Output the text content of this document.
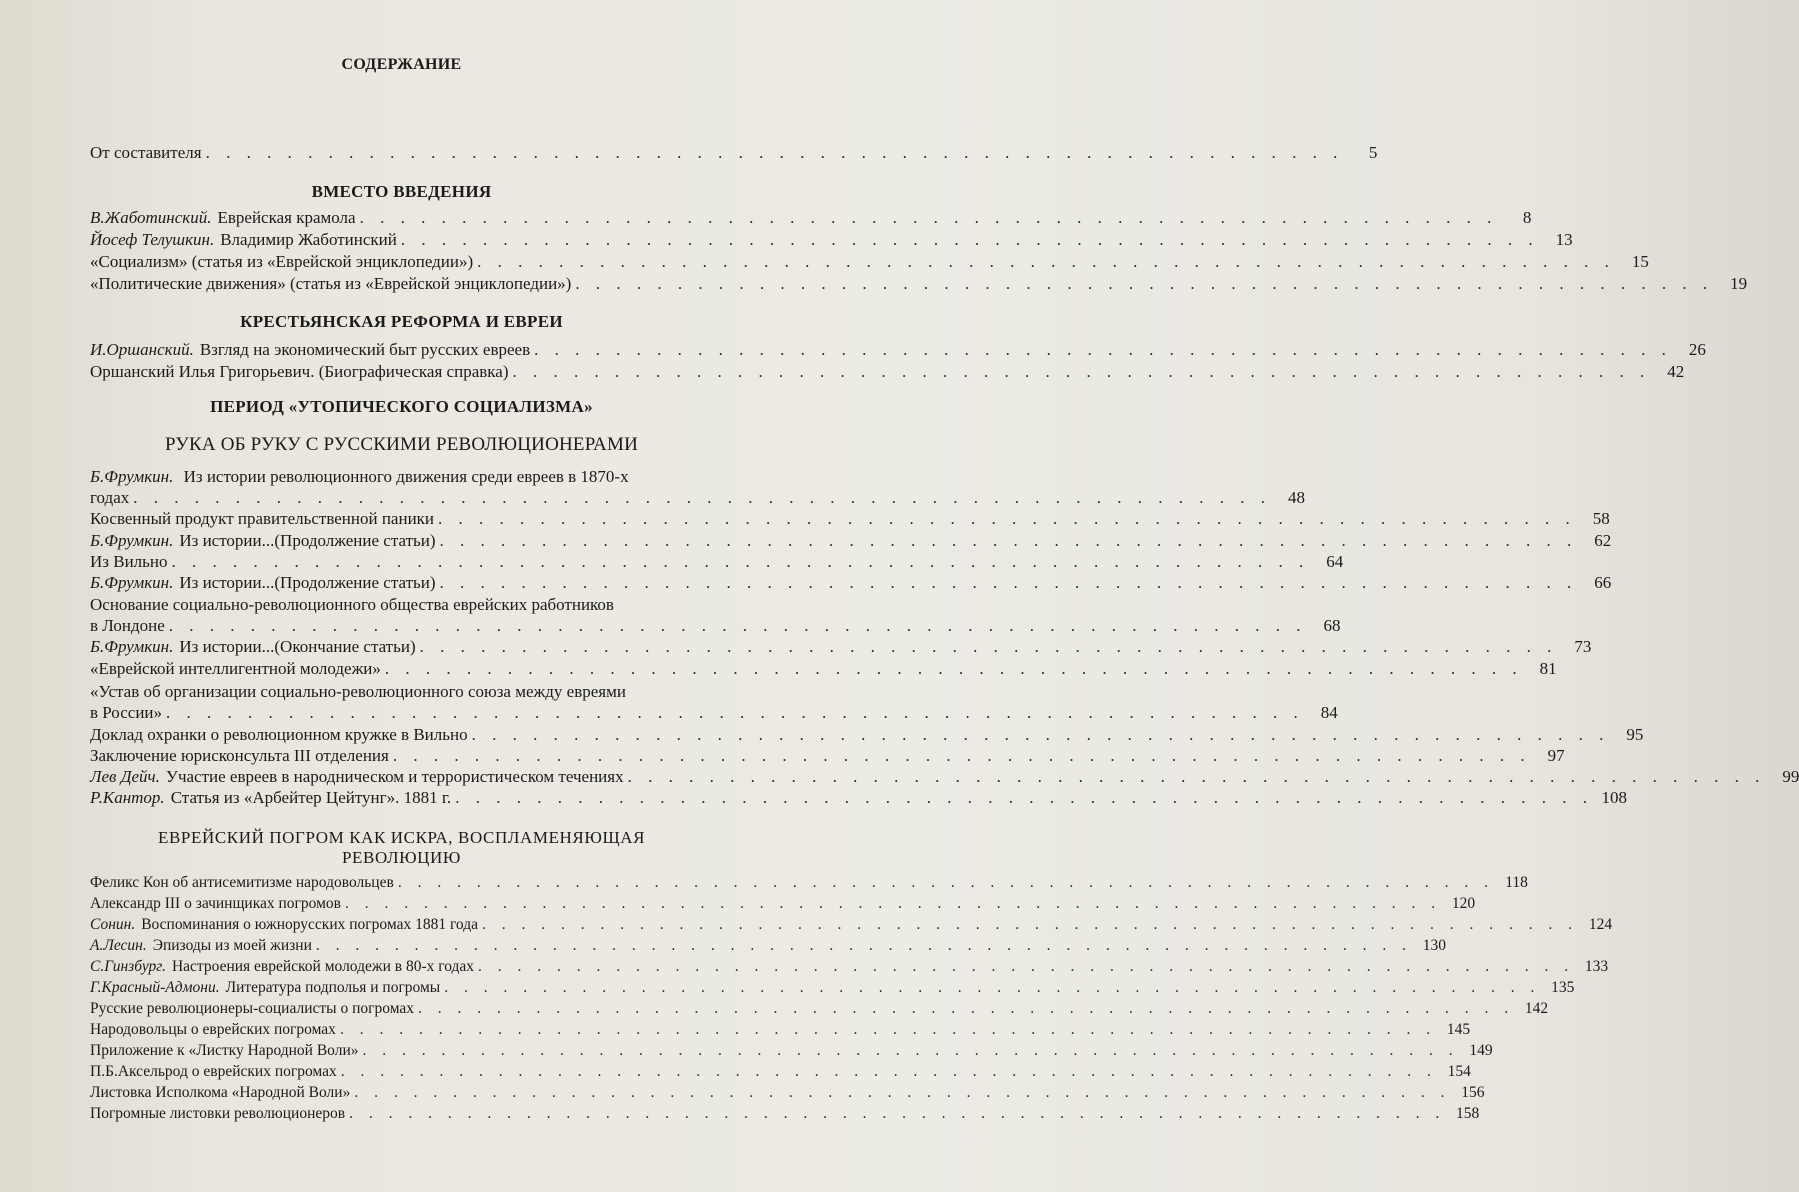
СОДЕРЖАНИЕ
От составителя . . . . . . . . . . . . . . . . . . . . . . . . . . . . . . . . . . . . . . . . . . . . . . . . . . . . . . . .	5
ВМЕСТО ВВЕДЕНИЯ
В.Жаботинский. Еврейская крамола . . . . . . . . . . . . . . . . . . . . . . . . . . . . . . . . . . . . . . . . . . . . . . . . . . . . . . . .	8
Йосеф Телушкин. Владимир Жаботинский . . . . . . . . . . . . . . . . . . . . . . . . . . . . . . . . . . . . . . . . . . . . . . . . . . . . . . . .	13
«Социализм» (статья из «Еврейской энциклопедии») . . . . . . . . . . . . . . . . . . . . . . . . . . . . . . . . . . . . . . . . . . . . . . . . . . . . . . . .	15
«Политические движения» (статья из «Еврейской энциклопедии») . . . . . . . . . . . . . . . . . . . . . . . . . . . . . . . . . . . . . . . . . . . . . . . . . . . . . . . .	19
КРЕСТЬЯНСКАЯ РЕФОРМА И ЕВРЕИ
И.Оршанский. Взгляд на экономический быт русских евреев . . . . . . . . . . . . . . . . . . . . . . . . . . . . . . . . . . . . . . . . . . . . . . . . . . . . . . . .	26
Оршанский Илья Григорьевич. (Биографическая справка) . . . . . . . . . . . . . . . . . . . . . . . . . . . . . . . . . . . . . . . . . . . . . . . . . . . . . . . .	42
ПЕРИОД «УТОПИЧЕСКОГО СОЦИАЛИЗМА»
РУКА ОБ РУКУ С РУССКИМИ РЕВОЛЮЦИОНЕРАМИ
Б.Фрумкин. Из истории революционного движения среди евреев в 1870-х
годах . . . . . . . . . . . . . . . . . . . . . . . . . . . . . . . . . . . . . . . . . . . . . . . . . . . . . . . .	48
Косвенный продукт правительственной паники . . . . . . . . . . . . . . . . . . . . . . . . . . . . . . . . . . . . . . . . . . . . . . . . . . . . . . . .	58
Б.Фрумкин. Из истории...(Продолжение статьи) . . . . . . . . . . . . . . . . . . . . . . . . . . . . . . . . . . . . . . . . . . . . . . . . . . . . . . . .	62
Из Вильно . . . . . . . . . . . . . . . . . . . . . . . . . . . . . . . . . . . . . . . . . . . . . . . . . . . . . . . .	64
Б.Фрумкин. Из истории...(Продолжение статьи) . . . . . . . . . . . . . . . . . . . . . . . . . . . . . . . . . . . . . . . . . . . . . . . . . . . . . . . .	66
Основание социально-революционного общества еврейских работников
в Лондоне . . . . . . . . . . . . . . . . . . . . . . . . . . . . . . . . . . . . . . . . . . . . . . . . . . . . . . . .	68
Б.Фрумкин. Из истории...(Окончание статьи) . . . . . . . . . . . . . . . . . . . . . . . . . . . . . . . . . . . . . . . . . . . . . . . . . . . . . . . .	73
«Еврейской интеллигентной молодежи» . . . . . . . . . . . . . . . . . . . . . . . . . . . . . . . . . . . . . . . . . . . . . . . . . . . . . . . .	81
«Устав об организации социально-революционного союза между евреями
в России» . . . . . . . . . . . . . . . . . . . . . . . . . . . . . . . . . . . . . . . . . . . . . . . . . . . . . . . .	84
Доклад охранки о революционном кружке в Вильно . . . . . . . . . . . . . . . . . . . . . . . . . . . . . . . . . . . . . . . . . . . . . . . . . . . . . . . .	95
Заключение юрисконсульта III отделения . . . . . . . . . . . . . . . . . . . . . . . . . . . . . . . . . . . . . . . . . . . . . . . . . . . . . . . .	97
Лев Дейч. Участие евреев в народническом и террористическом течениях . . . . . . . . . . . . . . . . . . . . . . . . . . . . . . . . . . . . . . . . . . . . . . . . . . . . . . . .	99
Р.Кантор. Статья из «Арбейтер Цейтунг». 1881 г. . . . . . . . . . . . . . . . . . . . . . . . . . . . . . . . . . . . . . . . . . . . . . . . . . . . . . . . . 108
ЕВРЕЙСКИЙ ПОГРОМ КАК ИСКРА, ВОСПЛАМЕНЯЮЩАЯ
РЕВОЛЮЦИЮ
Феликс Кон об антисемитизме народовольцев . . . . . . . . . . . . . . . . . . . . . . . . . . . . . . . . . . . . . . . . . . . . . . . . . . . . . . . . 118
Александр III о зачинщиках погромов . . . . . . . . . . . . . . . . . . . . . . . . . . . . . . . . . . . . . . . . . . . . . . . . . . . . . . . . 120
Сонин. Воспоминания о южнорусских погромах 1881 года . . . . . . . . . . . . . . . . . . . . . . . . . . . . . . . . . . . . . . . . . . . . . . . . . . . . . . . . 124
А.Лесин. Эпизоды из моей жизни . . . . . . . . . . . . . . . . . . . . . . . . . . . . . . . . . . . . . . . . . . . . . . . . . . . . . . . . 130
С.Гинзбург. Настроения еврейской молодежи в 80-х годах . . . . . . . . . . . . . . . . . . . . . . . . . . . . . . . . . . . . . . . . . . . . . . . . . . . . . . . . 133
Г.Красный-Адмони. Литература подполья и погромы . . . . . . . . . . . . . . . . . . . . . . . . . . . . . . . . . . . . . . . . . . . . . . . . . . . . . . . . 135
Русские революционеры-социалисты о погромах . . . . . . . . . . . . . . . . . . . . . . . . . . . . . . . . . . . . . . . . . . . . . . . . . . . . . . . . 142
Народовольцы о еврейских погромах . . . . . . . . . . . . . . . . . . . . . . . . . . . . . . . . . . . . . . . . . . . . . . . . . . . . . . . . 145
Приложение к «Листку Народной Воли» . . . . . . . . . . . . . . . . . . . . . . . . . . . . . . . . . . . . . . . . . . . . . . . . . . . . . . . . 149
П.Б.Аксельрод о еврейских погромах . . . . . . . . . . . . . . . . . . . . . . . . . . . . . . . . . . . . . . . . . . . . . . . . . . . . . . . . 154
Листовка Исполкома «Народной Воли» . . . . . . . . . . . . . . . . . . . . . . . . . . . . . . . . . . . . . . . . . . . . . . . . . . . . . . . . 156
Погромные листовки революционеров . . . . . . . . . . . . . . . . . . . . . . . . . . . . . . . . . . . . . . . . . . . . . . . . . . . . . . . . 158
